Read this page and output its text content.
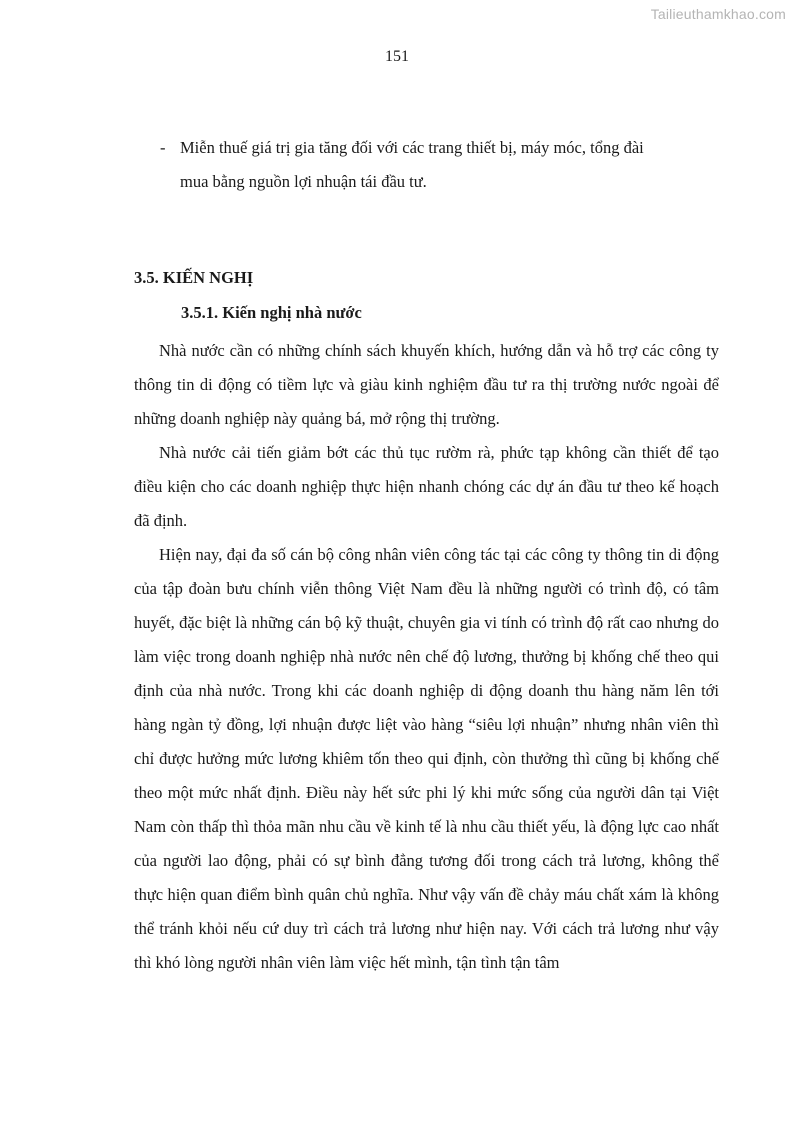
Tailieuthamkhao.com
151
- Miễn thuế giá trị gia tăng đối với các trang thiết bị, máy móc, tổng đài
mua bằng nguồn lợi nhuận tái đầu tư.
3.5. KIẾN NGHỊ
3.5.1. Kiến nghị nhà nước

Nhà nước cần có những chính sách khuyến khích, hướng dẫn và hỗ trợ các công ty thông tin di động có tiềm lực và giàu kinh nghiệm đầu tư ra thị trường nước ngoài để những doanh nghiệp này quảng bá, mở rộng thị trường.

Nhà nước cải tiến giảm bớt các thủ tục rườm rà, phức tạp không cần thiết để tạo điều kiện cho các doanh nghiệp thực hiện nhanh chóng các dự án đầu tư theo kế hoạch đã định.

Hiện nay, đại đa số cán bộ công nhân viên công tác tại các công ty thông tin di động của tập đoàn bưu chính viễn thông Việt Nam đều là những người có trình độ, có tâm huyết, đặc biệt là những cán bộ kỹ thuật, chuyên gia vi tính có trình độ rất cao nhưng do làm việc trong doanh nghiệp nhà nước nên chế độ lương, thưởng bị khống chế theo qui định của nhà nước. Trong khi các doanh nghiệp di động doanh thu hàng năm lên tới hàng ngàn tỷ đồng, lợi nhuận được liệt vào hàng “siêu lợi nhuận” nhưng nhân viên thì chỉ được hưởng mức lương khiêm tốn theo qui định, còn thưởng thì cũng bị khống chế theo một mức nhất định. Điều này hết sức phi lý khi mức sống của người dân tại Việt Nam còn thấp thì thỏa mãn nhu cầu về kinh tế là nhu cầu thiết yếu, là động lực cao nhất của người lao động, phải có sự bình đẳng tương đối trong cách trả lương, không thể thực hiện quan điểm bình quân chủ nghĩa. Như vậy vấn đề chảy máu chất xám là không thể tránh khỏi nếu cứ duy trì cách trả lương như hiện nay. Với cách trả lương như vậy thì khó lòng người nhân viên làm việc hết mình, tận tình tận tâm
